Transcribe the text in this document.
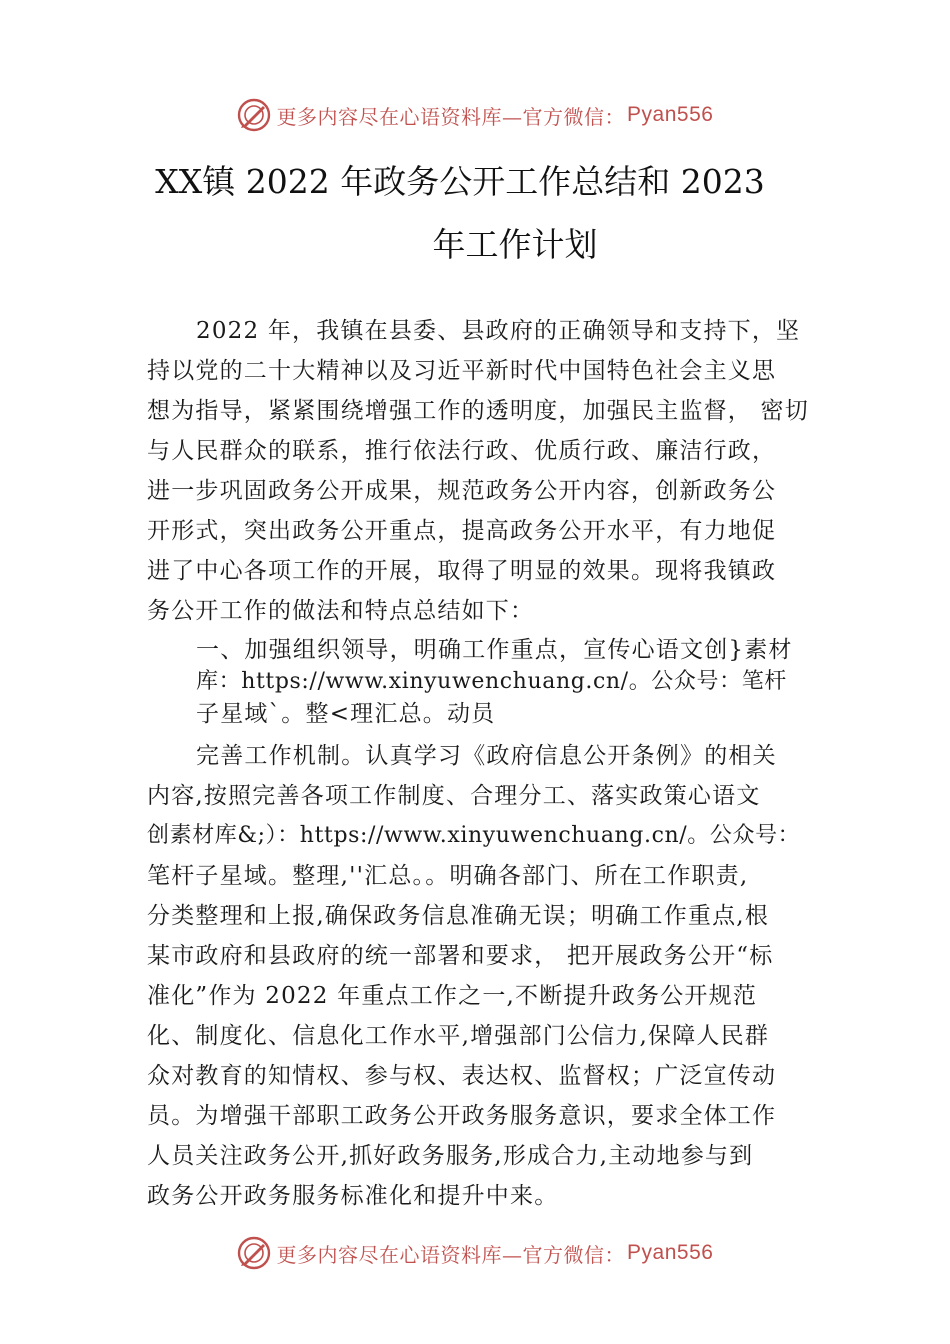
更多内容尽在心语资料库—官方微信： Pyan556
XX镇 2022 年政务公开工作总结和 2023
年工作计划
2022 年，我镇在县委、县政府的正确领导和支持下，坚
持以党的二十大精神以及习近平新时代中国特色社会主义思
想为指导，紧紧围绕增强工作的透明度，加强民主监督， 密切
与人民群众的联系，推行依法行政、优质行政、廉洁行政，
进一步巩固政务公开成果，规范政务公开内容，创新政务公
开形式，突出政务公开重点，提高政务公开水平，有力地促
进了中心各项工作的开展，取得了明显的效果。现将我镇政
务公开工作的做法和特点总结如下：
一、加强组织领导，明确工作重点，宣传心语文创}素材
库：https://www.xinyuwenchuang.cn/。公众号：笔杆
子星域`。整<理汇总。动员
完善工作机制。认真学习《政府信息公开条例》的相关
内容,按照完善各项工作制度、合理分工、落实政策心语文
创素材库&;）：https://www.xinyuwenchuang.cn/。公众号：
笔杆子星域。整理,''汇总。。明确各部门、所在工作职责,
分类整理和上报,确保政务信息准确无误；明确工作重点,根
某市政府和县政府的统一部署和要求， 把开展政务公开“标
准化”作为 2022 年重点工作之一,不断提升政务公开规范
化、制度化、信息化工作水平,增强部门公信力,保障人民群
众对教育的知情权、参与权、表达权、监督权；广泛宣传动
员。为增强干部职工政务公开政务服务意识，要求全体工作
人员关注政务公开,抓好政务服务,形成合力,主动地参与到
政务公开政务服务标准化和提升中来。
更多内容尽在心语资料库—官方微信： Pyan556
